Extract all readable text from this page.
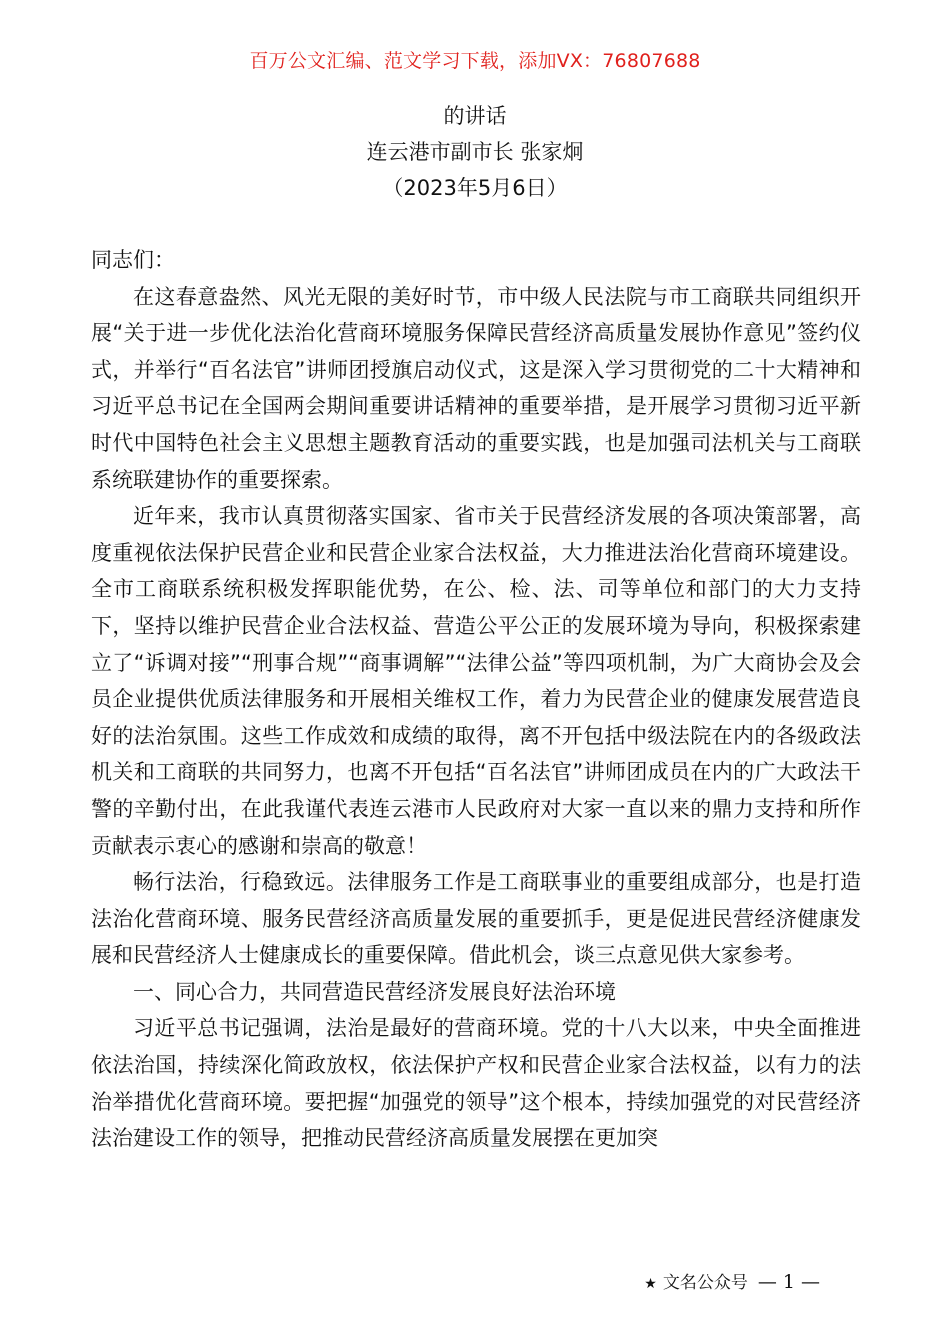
百万公文汇编、范文学习下载，添加VX：76807688
的讲话
连云港市副市长 张家炯
（2023年5月6日）

同志们：

在这春意盎然、风光无限的美好时节，市中级人民法院与市工商联共同组织开展“关于进一步优化法治化营商环境服务保障民营经济高质量发展协作意见”签约仪式，并举行“百名法官”讲师团授旗启动仪式，这是深入学习贯彻党的二十大精神和习近平总书记在全国两会期间重要讲话精神的重要举措，是开展学习贯彻习近平新时代中国特色社会主义思想主题教育活动的重要实践，也是加强司法机关与工商联系统联建协作的重要探索。

近年来，我市认真贯彻落实国家、省市关于民营经济发展的各项决策部署，高度重视依法保护民营企业和民营企业家合法权益，大力推进法治化营商环境建设。全市工商联系统积极发挥职能优势，在公、检、法、司等单位和部门的大力支持下，坚持以维护民营企业合法权益、营造公平公正的发展环境为导向，积极探索建立了“诉调对接”“刑事合规”“商事调解”“法律公益”等四项机制，为广大商协会及会员企业提供优质法律服务和开展相关维权工作，着力为民营企业的健康发展营造良好的法治氛围。这些工作成效和成绩的取得，离不开包括中级法院在内的各级政法机关和工商联的共同努力，也离不开包括“百名法官”讲师团成员在内的广大政法干警的辛勤付出，在此我谨代表连云港市人民政府对大家一直以来的鼎力支持和所作贡献表示衷心的感谢和崇高的敬意！

畅行法治，行稳致远。法律服务工作是工商联事业的重要组成部分，也是打造法治化营商环境、服务民营经济高质量发展的重要抓手，更是促进民营经济健康发展和民营经济人士健康成长的重要保障。借此机会，谈三点意见供大家参考。

一、同心合力，共同营造民营经济发展良好法治环境

习近平总书记强调，法治是最好的营商环境。党的十八大以来，中央全面推进依法治国，持续深化简政放权，依法保护产权和民营企业家合法权益，以有力的法治举措优化营商环境。要把握“加强党的领导”这个根本，持续加强党的对民营经济法治建设工作的领导，把推动民营经济高质量发展摆在更加突

★ 文名公众号 — 1 —
